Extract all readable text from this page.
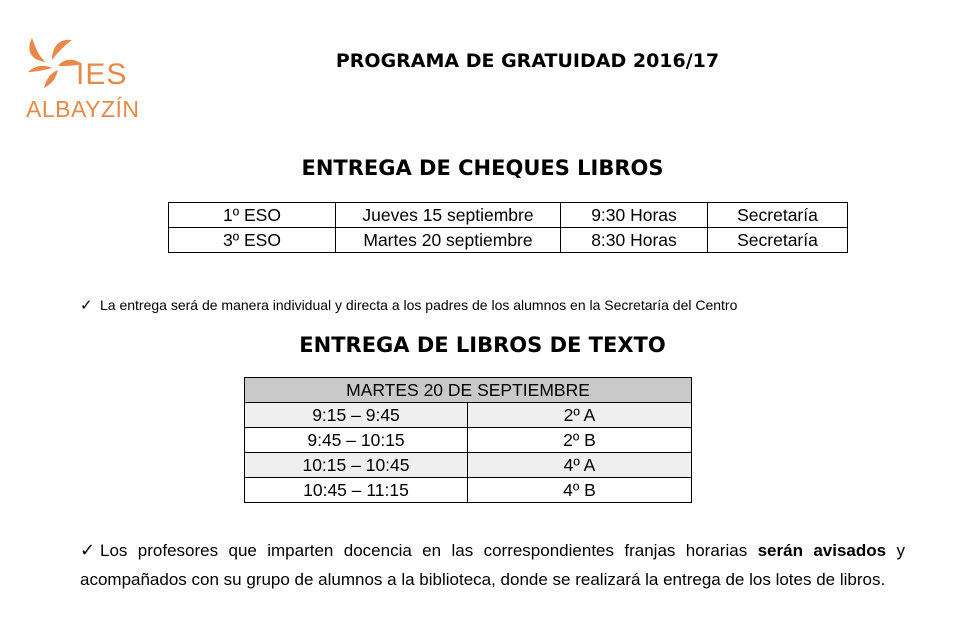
IES
ALBAYZÍN
PROGRAMA DE GRATUIDAD 2016/17
ENTREGA DE CHEQUES LIBROS
1º ESO	Jueves 15 septiembre	9:30 Horas	Secretaría
3º ESO	Martes 20 septiembre	8:30 Horas	Secretaría
✓ La entrega será de manera individual y directa a los padres de los alumnos en la Secretaría del Centro
ENTREGA DE LIBROS DE TEXTO
MARTES 20 DE SEPTIEMBRE	
9:15 – 9:45	2º A
9:45 – 10:15	2º B
10:15 – 10:45	4º A
10:45 – 11:15	4º B
✓ Los profesores que imparten docencia en las correspondientes franjas horarias serán avisados y acompañados con su grupo de alumnos a la biblioteca, donde se realizará la entrega de los lotes de libros.
